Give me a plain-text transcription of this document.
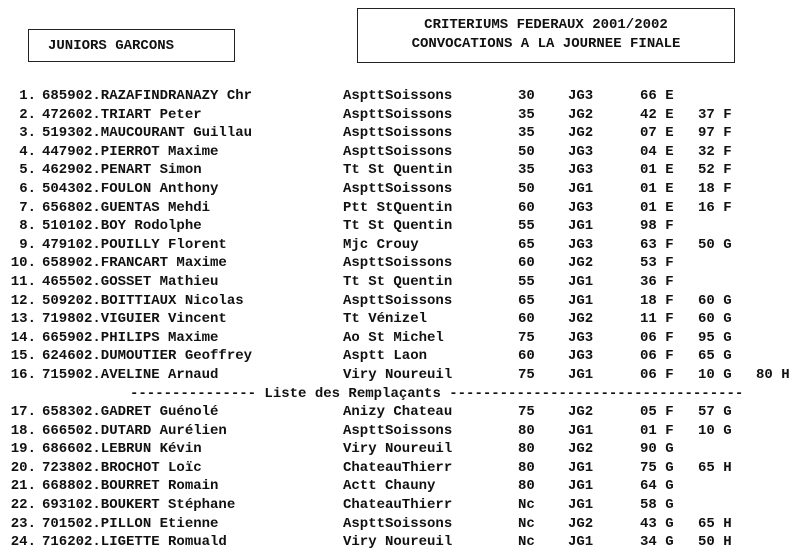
JUNIORS GARCONS
CRITERIUMS FEDERAUX 2001/2002
CONVOCATIONS A LA JOURNEE FINALE
1. 685902.RAZAFINDRANAZY Chr	AspttSoissons	30 JG3	66 E
2. 472602.TRIART Peter	AspttSoissons	35 JG2	42 E 37 F
3. 519302.MAUCOURANT Guillau	AspttSoissons	35 JG2	07 E 97 F
4. 447902.PIERROT Maxime	AspttSoissons	50 JG3	04 E 32 F
5. 462902.PENART Simon	Tt St Quentin	35 JG3	01 E 52 F
6. 504302.FOULON Anthony	AspttSoissons	50 JG1	01 E 18 F
7. 656802.GUENTAS Mehdi	Ptt StQuentin	60 JG3	01 E 16 F
8. 510102.BOY Rodolphe	Tt St Quentin	55 JG1	98 F
9. 479102.POUILLY Florent	Mjc Crouy	65 JG3	63 F 50 G
10. 658902.FRANCART Maxime	AspttSoissons	60 JG2	53 F
11. 465502.GOSSET Mathieu	Tt St Quentin	55 JG1	36 F
12. 509202.BOITTIAUX Nicolas	AspttSoissons	65 JG1	18 F 60 G
13. 719802.VIGUIER Vincent	Tt Vénizel	60 JG2	11 F 60 G
14. 665902.PHILIPS Maxime	Ao St Michel	75 JG3	06 F 95 G
15. 624602.DUMOUTIER Geoffrey	Asptt Laon	60 JG3	06 F 65 G
16. 715902.AVELINE Arnaud	Viry Noureuil	75 JG1	06 F 10 G 80 H
--------------- Liste des Remplaçants -----------------------------------
17. 658302.GADRET Guénolé	Anizy Chateau	75 JG2	05 F 57 G
18. 666502.DUTARD Aurélien	AspttSoissons	80 JG1	01 F 10 G
19. 686602.LEBRUN Kévin	Viry Noureuil	80 JG2	90 G
20. 723802.BROCHOT Loïc	ChateauThierr	80 JG1	75 G 65 H
21. 668802.BOURRET Romain	Actt Chauny	80 JG1	64 G
22. 693102.BOUKERT Stéphane	ChateauThierr	Nc JG1	58 G
23. 701502.PILLON Etienne	AspttSoissons	Nc JG2	43 G 65 H
24. 716202.LIGETTE Romuald	Viry Noureuil	Nc JG1	34 G 50 H
